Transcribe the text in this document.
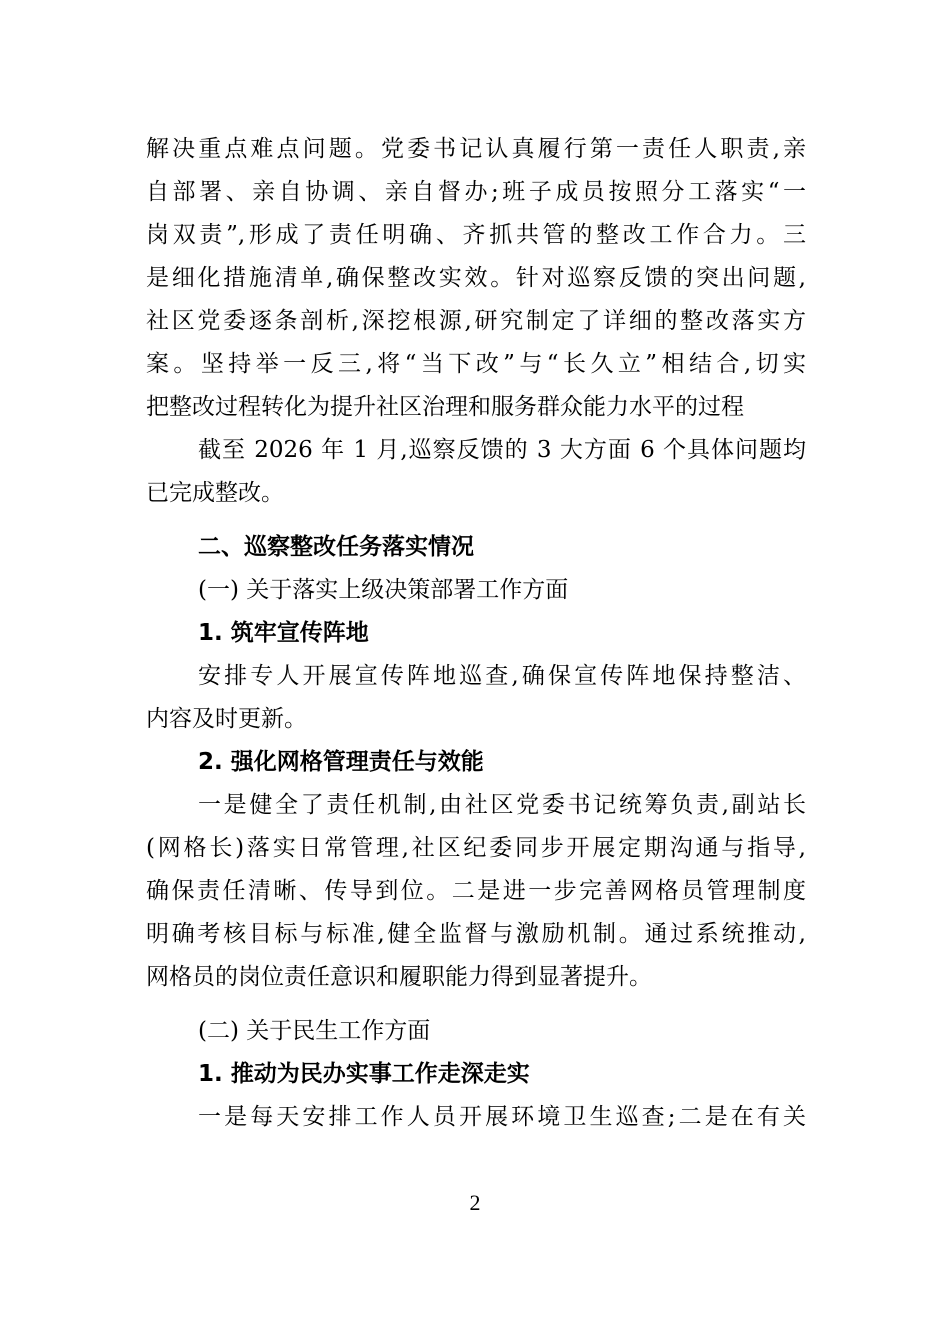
解决重点难点问题。党委书记认真履行第一责任人职责,亲
自部署、亲自协调、亲自督办;班子成员按照分工落实“一
岗双责”,形成了责任明确、齐抓共管的整改工作合力。三
是细化措施清单,确保整改实效。针对巡察反馈的突出问题,
社区党委逐条剖析,深挖根源,研究制定了详细的整改落实方
案。坚持举一反三,将“当下改”与“长久立”相结合,切实
把整改过程转化为提升社区治理和服务群众能力水平的过程
截至 2026 年 1 月,巡察反馈的 3 大方面 6 个具体问题均
已完成整改。
二、巡察整改任务落实情况
(一) 关于落实上级决策部署工作方面
1. 筑牢宣传阵地
安排专人开展宣传阵地巡查,确保宣传阵地保持整洁、
内容及时更新。
2. 强化网格管理责任与效能
一是健全了责任机制,由社区党委书记统筹负责,副站长
(网格长)落实日常管理,社区纪委同步开展定期沟通与指导,
确保责任清晰、传导到位。二是进一步完善网格员管理制度
明确考核目标与标准,健全监督与激励机制。通过系统推动,
网格员的岗位责任意识和履职能力得到显著提升。
(二) 关于民生工作方面
1. 推动为民办实事工作走深走实
一是每天安排工作人员开展环境卫生巡查;二是在有关
2
